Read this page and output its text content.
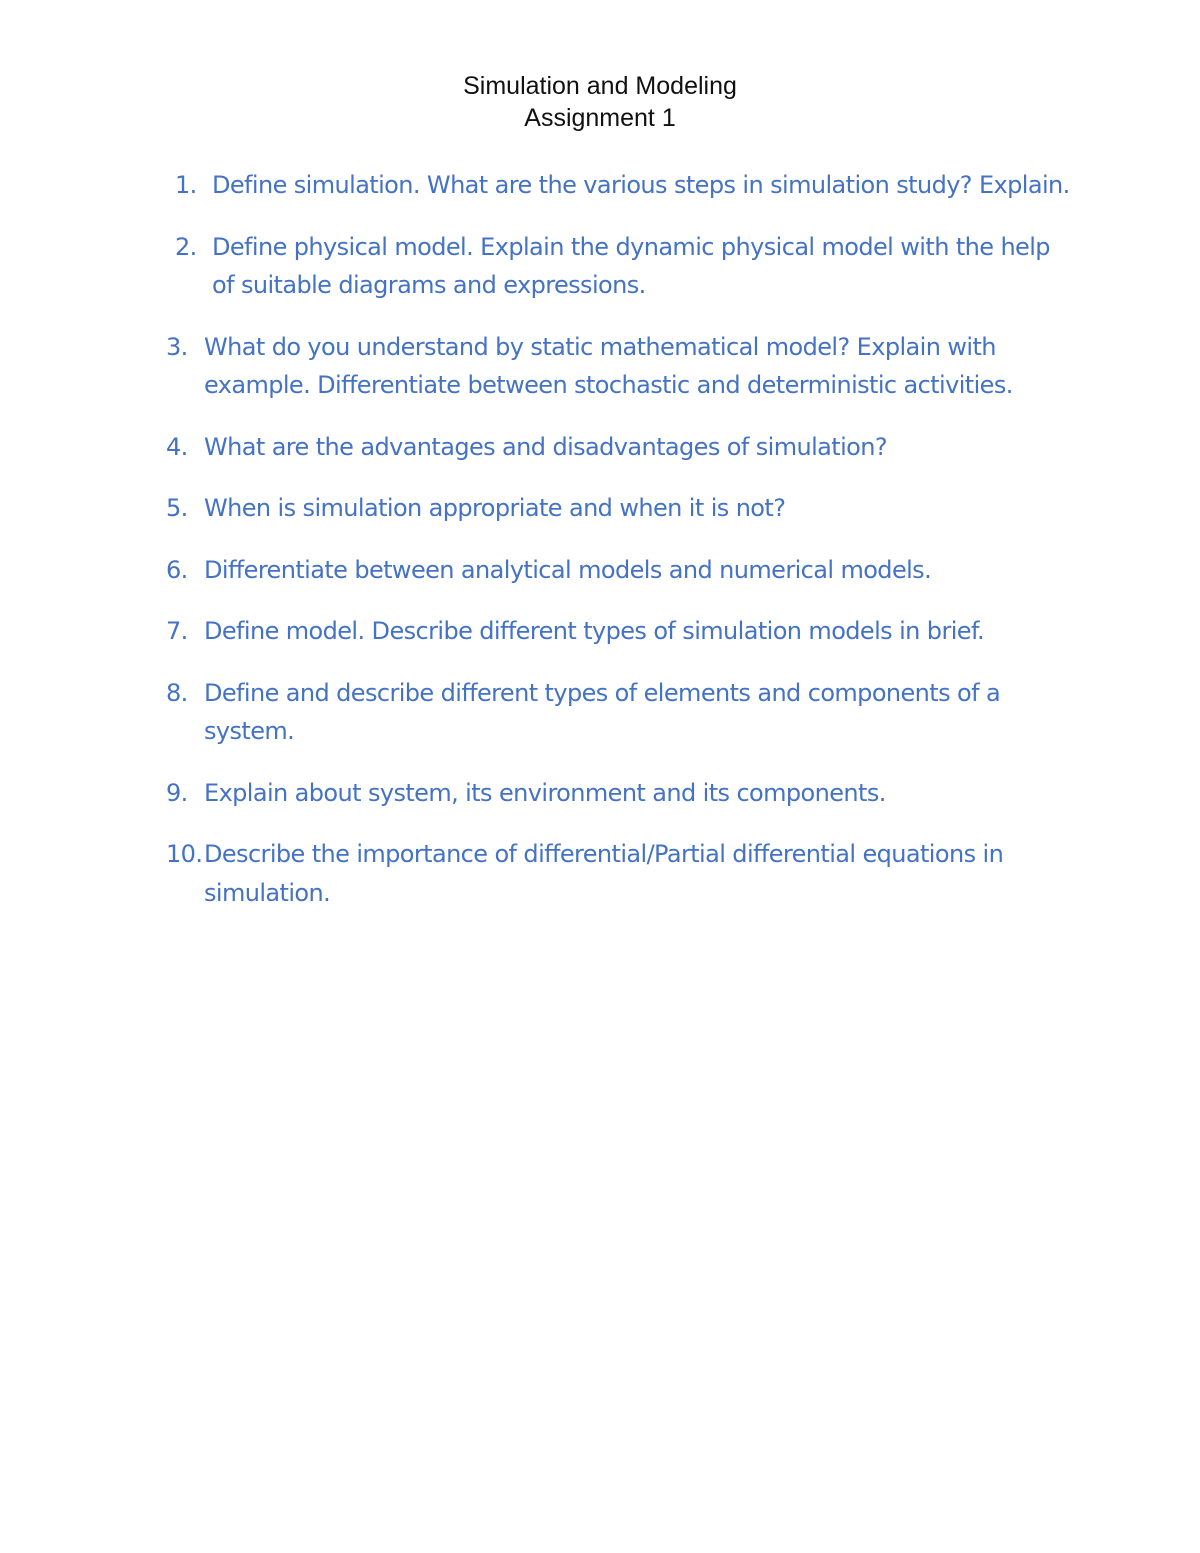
Simulation and Modeling
Assignment 1
1. Define simulation. What are the various steps in simulation study? Explain.
2. Define physical model. Explain the dynamic physical model with the help of suitable diagrams and expressions.
3. What do you understand by static mathematical model? Explain with example. Differentiate between stochastic and deterministic activities.
4. What are the advantages and disadvantages of simulation?
5. When is simulation appropriate and when it is not?
6. Differentiate between analytical models and numerical models.
7. Define model. Describe different types of simulation models in brief.
8. Define and describe different types of elements and components of a system.
9. Explain about system, its environment and its components.
10. Describe the importance of differential/Partial differential equations in simulation.
